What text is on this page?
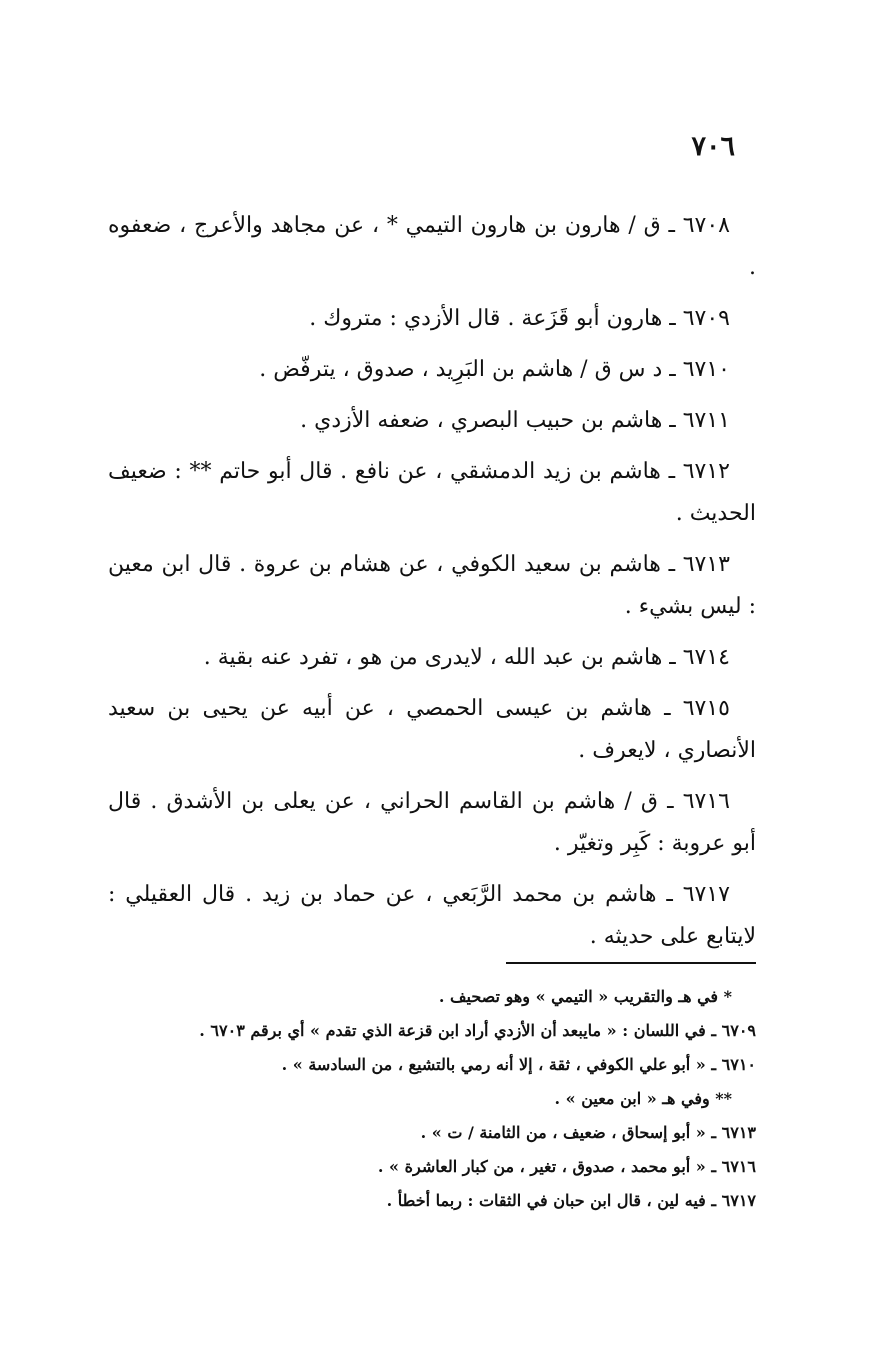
٧٠٦

٦٧٠٨ ـ ق / هارون بن هارون التيمي * ، عن مجاهد والأعرج ، ضعفوه .

٦٧٠٩ ـ هارون أبو قَزَعة . قال الأزدي : متروك .

٦٧١٠ ـ د س ق / هاشم بن البَرِيد ، صدوق ، يترفّض .

٦٧١١ ـ هاشم بن حبيب البصري ، ضعفه الأزدي .

٦٧١٢ ـ هاشم بن زيد الدمشقي ، عن نافع . قال أبو حاتم ** : ضعيف الحديث .

٦٧١٣ ـ هاشم بن سعيد الكوفي ، عن هشام بن عروة . قال ابن معين : ليس بشيء .

٦٧١٤ ـ هاشم بن عبد الله ، لايدرى من هو ، تفرد عنه بقية .

٦٧١٥ ـ هاشم بن عيسى الحمصي ، عن أبيه عن يحيى بن سعيد الأنصاري ، لايعرف .

٦٧١٦ ـ ق / هاشم بن القاسم الحراني ، عن يعلى بن الأشدق . قال أبو عروبة : كَبِر وتغيّر .

٦٧١٧ ـ هاشم بن محمد الرَّبَعي ، عن حماد بن زيد . قال العقيلي : لايتابع على حديثه .

* في هـ والتقريب « التيمي » وهو تصحيف .

٦٧٠٩ ـ في اللسان : « مايبعد أن الأزدي أراد ابن قزعة الذي تقدم » أي برقم ٦٧٠٣ .

٦٧١٠ ـ « أبو علي الكوفي ، ثقة ، إلا أنه رمي بالتشيع ، من السادسة » .

** وفي هـ « ابن معين » .

٦٧١٣ ـ « أبو إسحاق ، ضعيف ، من الثامنة / ت » .

٦٧١٦ ـ « أبو محمد ، صدوق ، تغير ، من كبار العاشرة » .

٦٧١٧ ـ فيه لين ، قال ابن حبان في الثقات : ربما أخطأ .
